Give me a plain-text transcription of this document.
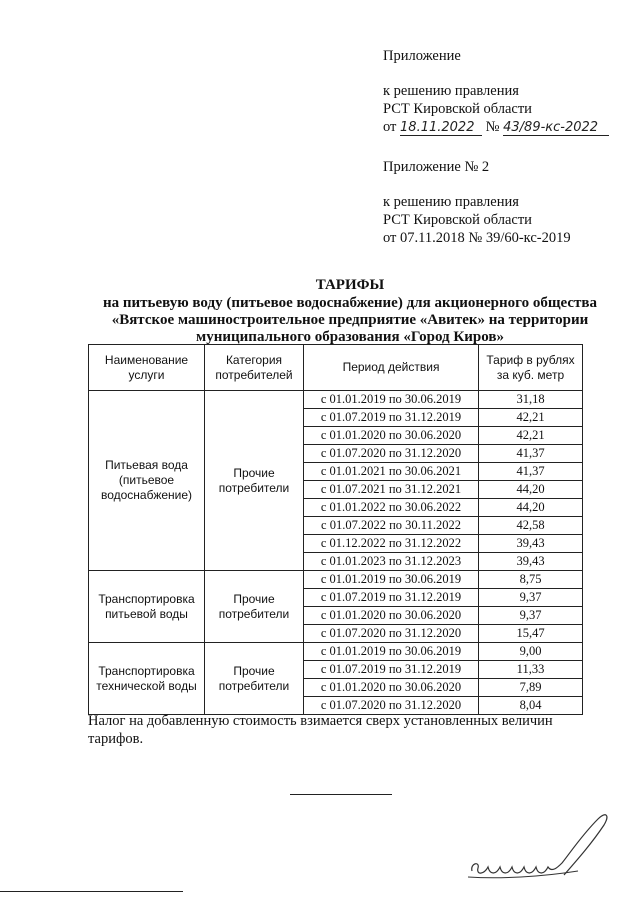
Приложение
к решению правления
РСТ Кировской области
от 18.11.2022 № 43/89-кс-2022
Приложение № 2
к решению правления
РСТ Кировской области
от 07.11.2018 № 39/60-кс-2019
ТАРИФЫ
на питьевую воду (питьевое водоснабжение) для акционерного общества
«Вятское машиностроительное предприятие «Авитек» на территории
муниципального образования «Город Киров»
Наименование услуги	Категория потребителей	Период действия	Тариф в рублях за куб. метр
Питьевая вода (питьевое водоснабжение)	Прочие потребители	с 01.01.2019 по 30.06.2019	31,18
		с 01.07.2019 по 31.12.2019	42,21
		с 01.01.2020 по 30.06.2020	42,21
		с 01.07.2020 по 31.12.2020	41,37
		с 01.01.2021 по 30.06.2021	41,37
		с 01.07.2021 по 31.12.2021	44,20
		с 01.01.2022 по 30.06.2022	44,20
		с 01.07.2022 по 30.11.2022	42,58
		с 01.12.2022 по 31.12.2022	39,43
		с 01.01.2023 по 31.12.2023	39,43
Транспортировка питьевой воды	Прочие потребители	с 01.01.2019 по 30.06.2019	8,75
		с 01.07.2019 по 31.12.2019	9,37
		с 01.01.2020 по 30.06.2020	9,37
		с 01.07.2020 по 31.12.2020	15,47
Транспортировка технической воды	Прочие потребители	с 01.01.2019 по 30.06.2019	9,00
		с 01.07.2019 по 31.12.2019	11,33
		с 01.01.2020 по 30.06.2020	7,89
		с 01.07.2020 по 31.12.2020	8,04
Налог на добавленную стоимость взимается сверх установленных величин тарифов.
